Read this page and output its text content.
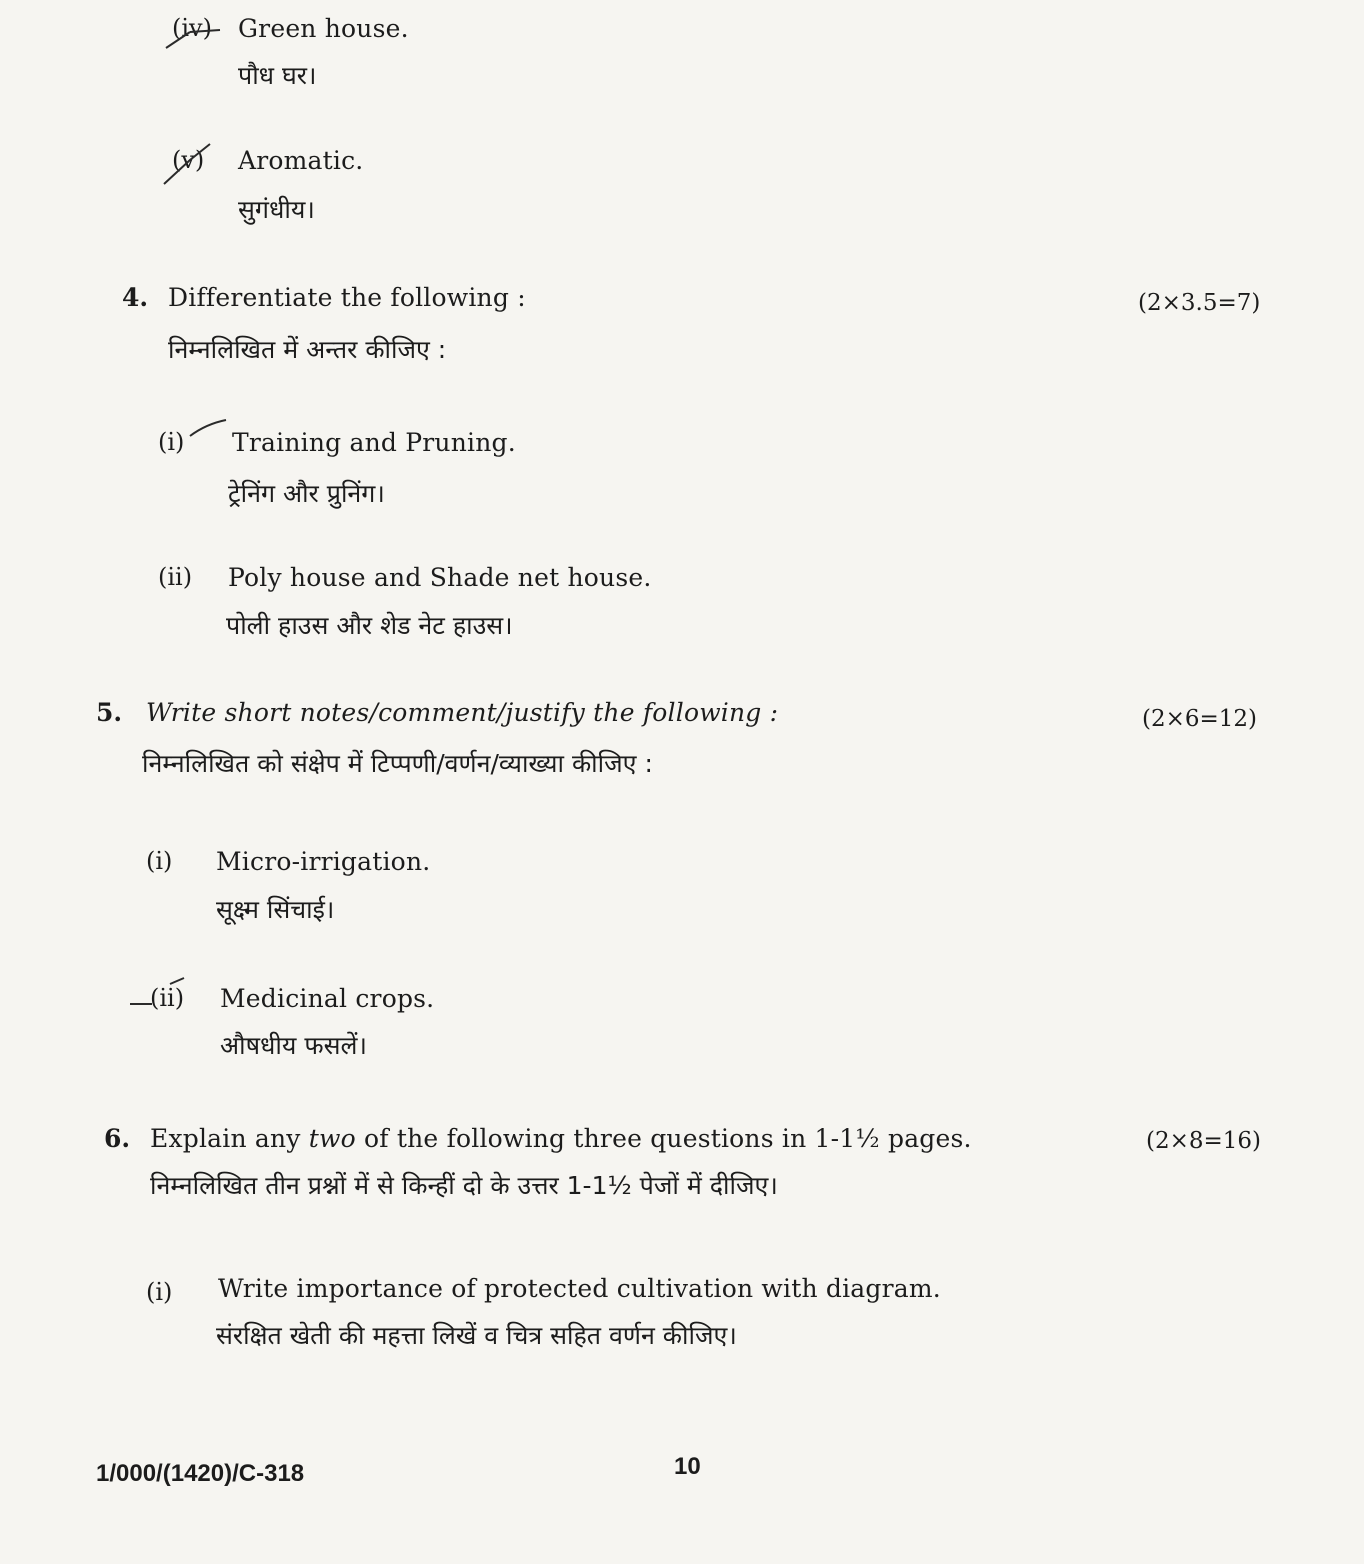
(iv) Green house.
पौध घर।
(v) Aromatic.
सुगंधीय।
4. Differentiate the following :	(2×3.5=7)
निम्नलिखित में अन्तर कीजिए :
(i) Training and Pruning.
ट्रेनिंग और प्रुनिंग।
(ii) Poly house and Shade net house.
पोली हाउस और शेड नेट हाउस।
5. Write short notes/comment/justify the following :	(2×6=12)
निम्नलिखित को संक्षेप में टिप्पणी/वर्णन/व्याख्या कीजिए :
(i) Micro-irrigation.
सूक्ष्म सिंचाई।
(ii) Medicinal crops.
औषधीय फसलें।
6. Explain any two of the following three questions in 1-1½ pages.	(2×8=16)
निम्नलिखित तीन प्रश्नों में से किन्हीं दो के उत्तर 1-1½ पेजों में दीजिए।
(i) Write importance of protected cultivation with diagram.
संरक्षित खेती की महत्ता लिखें व चित्र सहित वर्णन कीजिए।
1/000/(1420)/C-318	10
